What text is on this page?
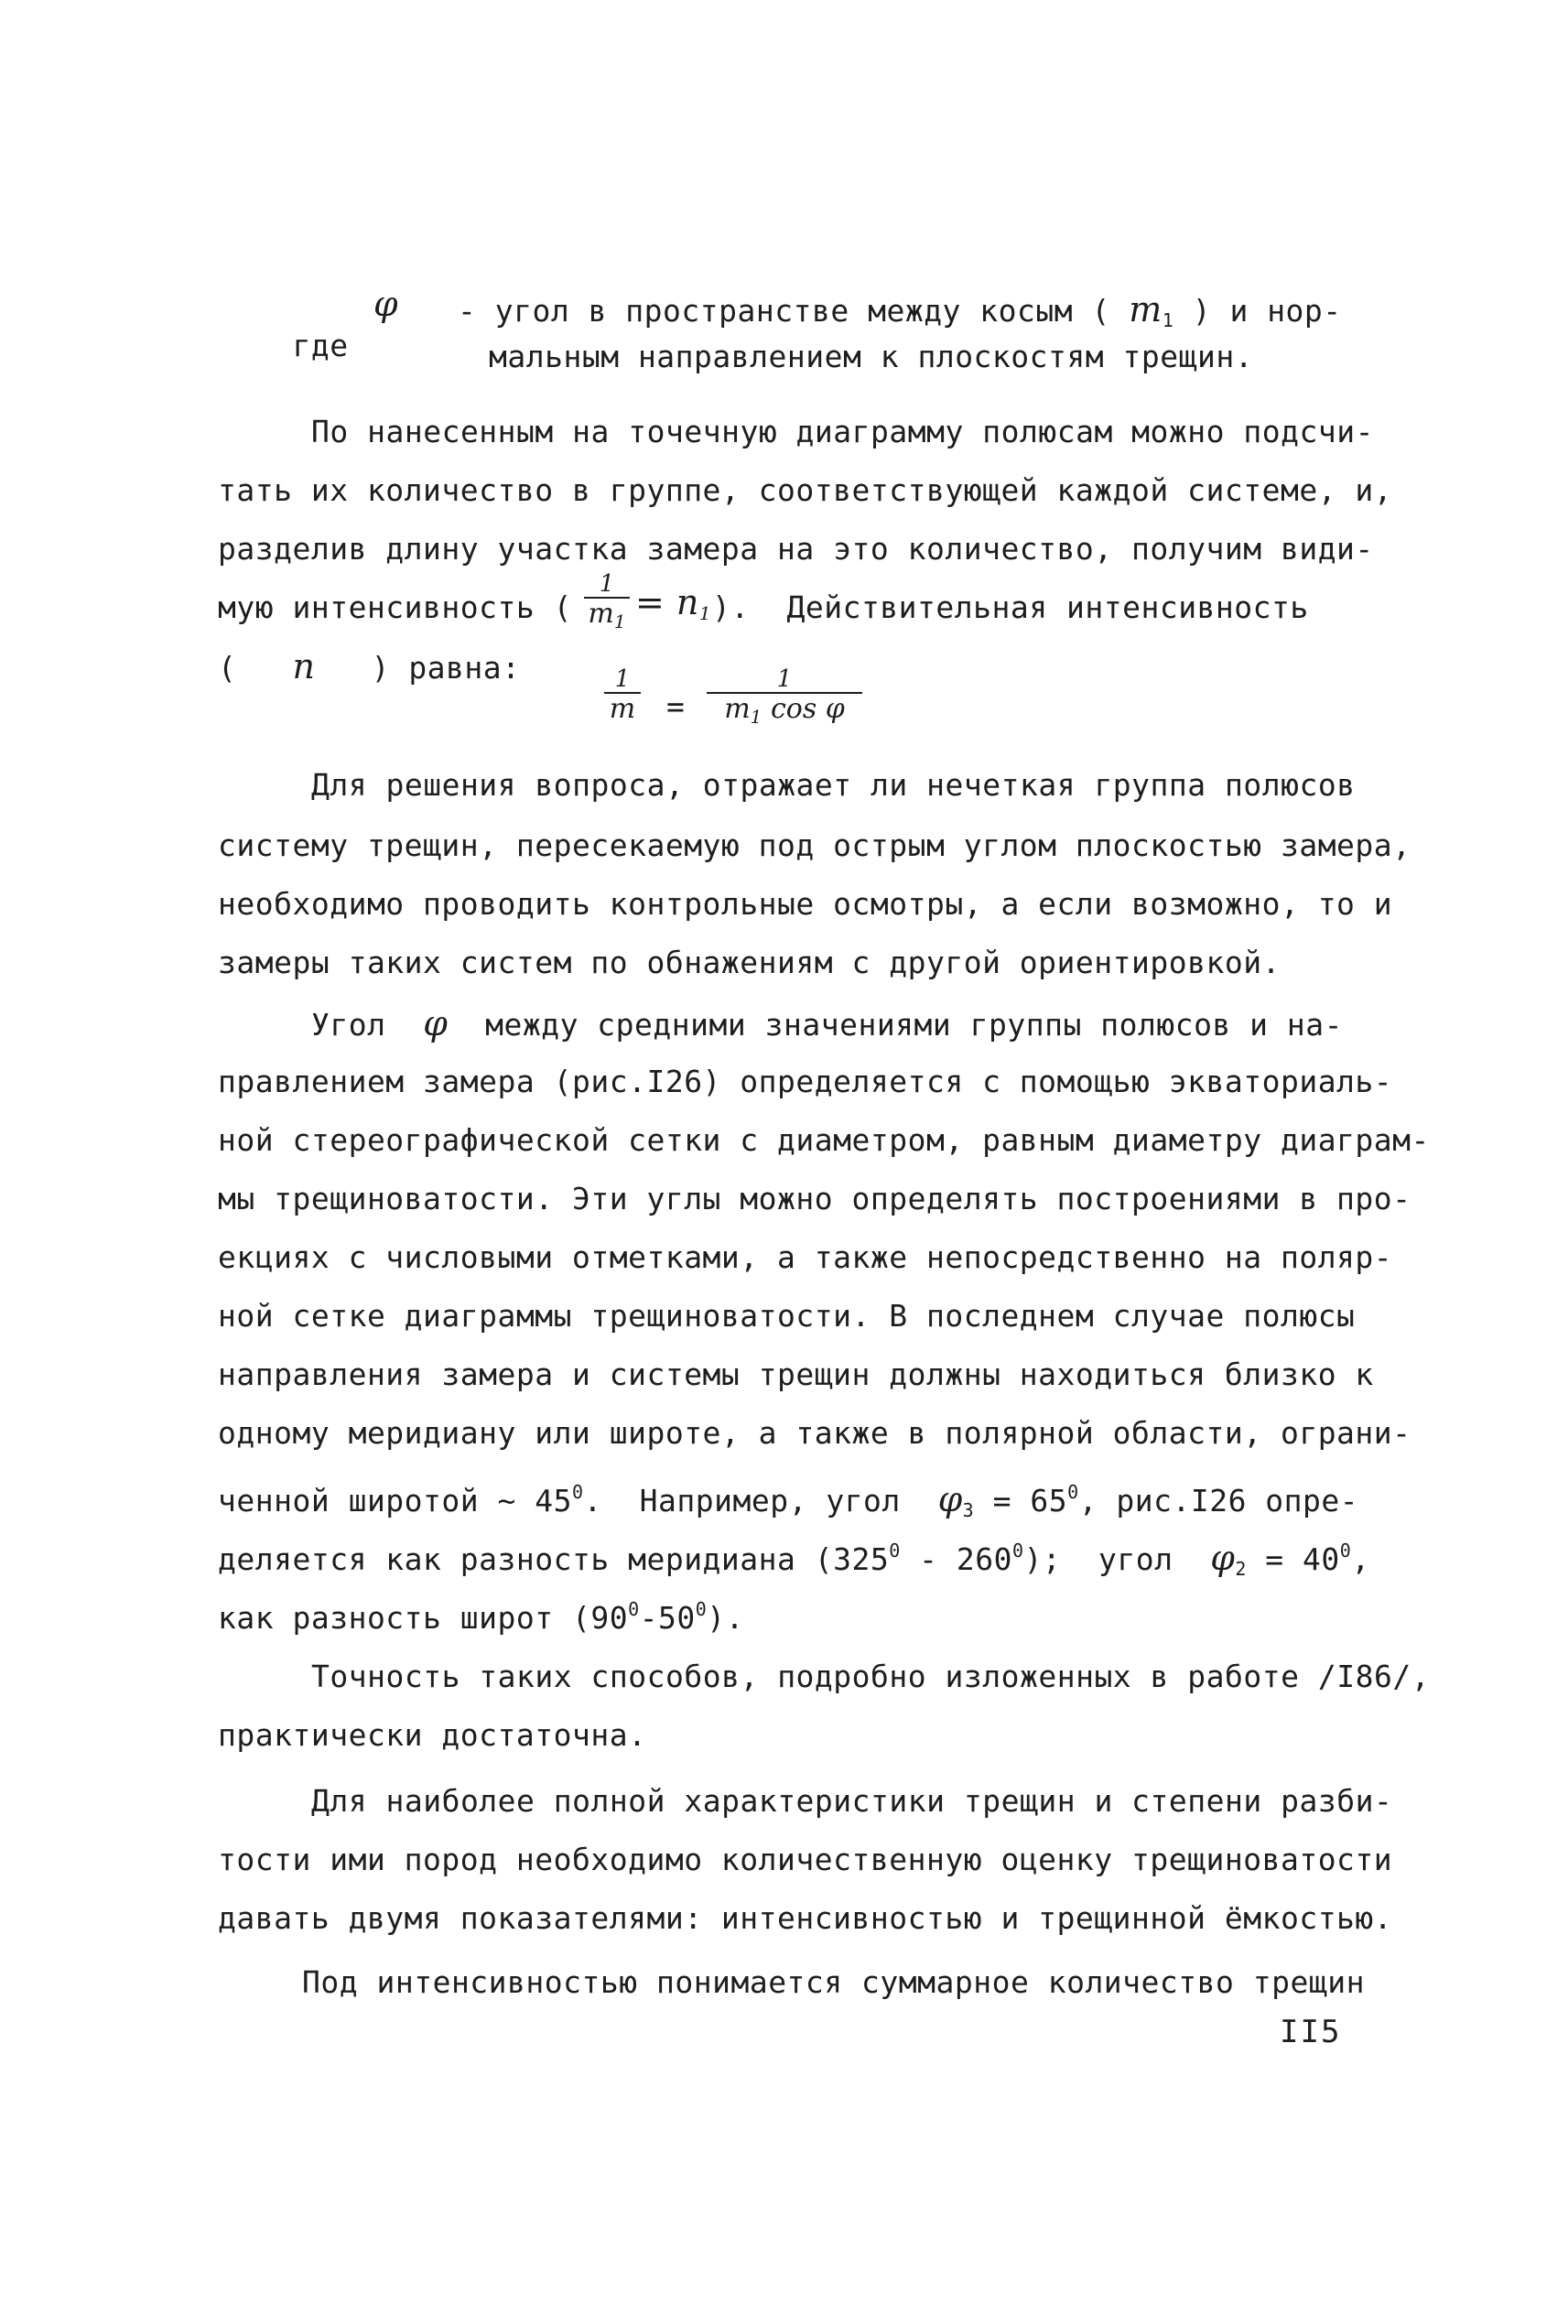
где

φ - угол в пространстве между косым ( $m_1$ ) и нор-
мальным направлением к плоскостям трещин.
По нанесенным на точечную диаграмму полюсам можно подсчи-
тать их количество в группе, соответствующей каждой системе, и,
разделив длину участка замера на это количество, получим види-
мую интенсивность (
1
$m_1 = n_1$ ).  Действительная интенсивность
( n ) равна:	1
m =
1
$m_1$ cos φ
Для решения вопроса, отражает ли нечеткая группа полюсов
систему трещин, пересекаемую под острым углом плоскостью замера,
необходимо проводить контрольные осмотры, а если возможно, то и
замеры таких систем по обнажениям с другой ориентировкой.
Угол φ между средними значениями группы полюсов и на-
правлением замера (рис.I26) определяется с помощью экваториаль-
ной стереографической сетки с диаметром, равным диаметру диаграм-
мы трещиноватости. Эти углы можно определять построениями в про-
екциях с числовыми отметками, а также непосредственно на поляр-
ной сетке диаграммы трещиноватости. В последнем случае полюсы
направления замера и системы трещин должны находиться близко к
одному меридиану или широте, а также в полярной области, ограни-
ченной широтой ∼ $45^0$.  Например, угол $\varphi_3 = 65^0$, рис.I26 опре-
деляется как разность меридиана $(325^0 - 260^0)$;  угол $\varphi_2 = 40^0$,
как разность широт $(90^0-50^0)$.
Точность таких способов, подробно изложенных в работе /I86/,
практически достаточна.
Для наиболее полной характеристики трещин и степени разби-
тости ими пород необходимо количественную оценку трещиноватости
давать двумя показателями: интенсивностью и трещинной ёмкостью.
Под интенсивностью понимается суммарное количество трещин
II5
